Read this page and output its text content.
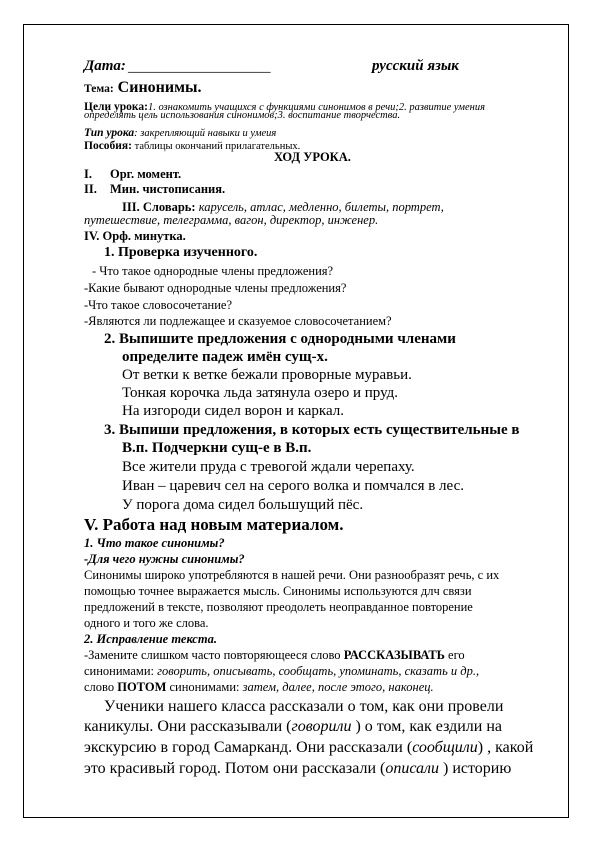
Дата: ___________________	русский язык
Тема: Синонимы.
Цели урока:1. ознакомить учащихся с функциями синонимов в речи;2. развитие умения
определять цель использования синонимов;3. воспитание творчества.
Тип урока: закрепляющий навыки и умеия
Пособия: таблицы окончаний прилагательных.
ХОД УРОКА.
I. Орг. момент.
II. Мин. чистописания.
III. Словарь: карусель, атлас, медленно, билеты, портрет,
путешествие, телеграмма, вагон, директор, инженер.
IV. Орф. минутка.
1. Проверка изученного.
- Что такое однородные члены предложения?
-Какие бывают однородные члены предложения?
-Что такое словосочетание?
-Являются ли подлежащее и сказуемое словосочетанием?
2. Выпишите предложения с однородными членами
определите падеж имён сущ-х.
От ветки к ветке бежали проворные муравьи.
Тонкая корочка льда затянула озеро и пруд.
На изгороди сидел ворон и каркал.
3. Выпиши предложения, в которых есть существительные в
В.п. Подчеркни сущ-е в В.п.
Все жители пруда с тревогой ждали черепаху.
Иван – царевич сел на серого волка и помчался в лес.
У порога дома сидел большущий пёс.
V. Работа над новым материалом.
1. Что такое синонимы?
-Для чего нужны синонимы?
Синонимы широко употребляются в нашей речи. Они разнообразят речь, с их
помощью точнее выражается мысль. Синонимы используются длч связи
предложений в тексте, позволяют преодолеть неоправданное повторение
одного и того же слова.
2. Исправление текста.
-Замените слишком часто повторяющееся слово РАССКАЗЫВАТЬ его
синонимами: говорить, описывать, сообщать, упоминать, сказать и др.,
слово ПОТОМ синонимами: затем, далее, после этого, наконец.
Ученики нашего класса рассказали о том, как они провели
каникулы. Они рассказывали (говорили ) о том, как ездили на
экскурсию в город Самарканд. Они рассказали (сообщили) , какой
это красивый город. Потом они рассказали (описали ) историю
